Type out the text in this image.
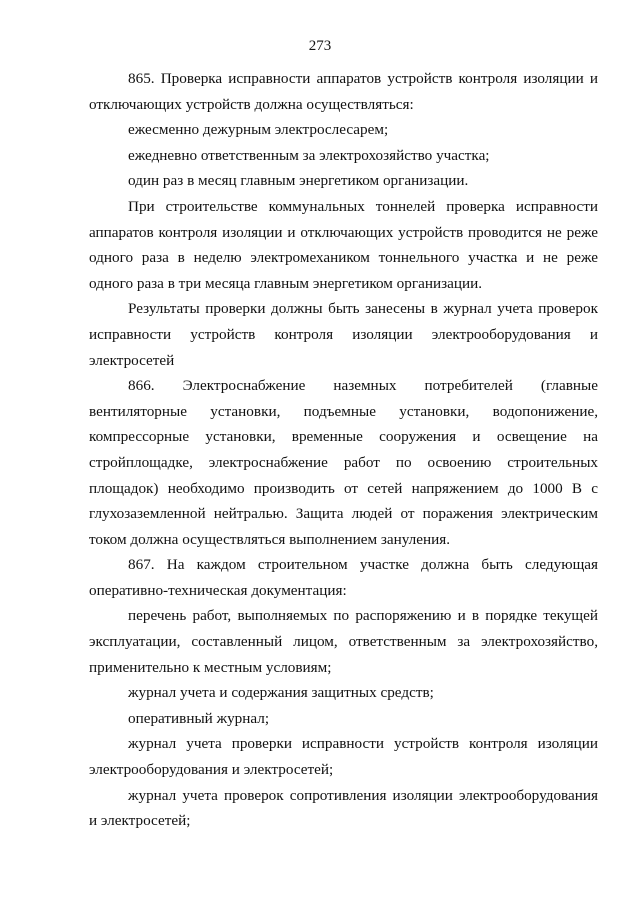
273

865. Проверка исправности аппаратов устройств контроля изоляции и отключающих устройств должна осуществляться:

ежесменно дежурным электрослесарем;

ежедневно ответственным за электрохозяйство участка;

один раз в месяц главным энергетиком организации.

При строительстве коммунальных тоннелей проверка исправности аппаратов контроля изоляции и отключающих устройств проводится не реже одного раза в неделю электромехаником тоннельного участка и не реже одного раза в три месяца главным энергетиком организации.

Результаты проверки должны быть занесены в журнал учета проверок исправности устройств контроля изоляции электрооборудования и электросетей

866. Электроснабжение наземных потребителей (главные вентиляторные установки, подъемные установки, водопонижение, компрессорные установки, временные сооружения и освещение на стройплощадке, электроснабжение работ по освоению строительных площадок) необходимо производить от сетей напряжением до 1000 В с глухозаземленной нейтралью. Защита людей от поражения электрическим током должна осуществляться выполнением зануления.

867. На каждом строительном участке должна быть следующая оперативно-техническая документация:

перечень работ, выполняемых по распоряжению и в порядке текущей эксплуатации, составленный лицом, ответственным за электрохозяйство, применительно к местным условиям;

журнал учета и содержания защитных средств;

оперативный журнал;

журнал учета проверки исправности устройств контроля изоляции электрооборудования и электросетей;

журнал учета проверок сопротивления изоляции электрооборудования и электросетей;
